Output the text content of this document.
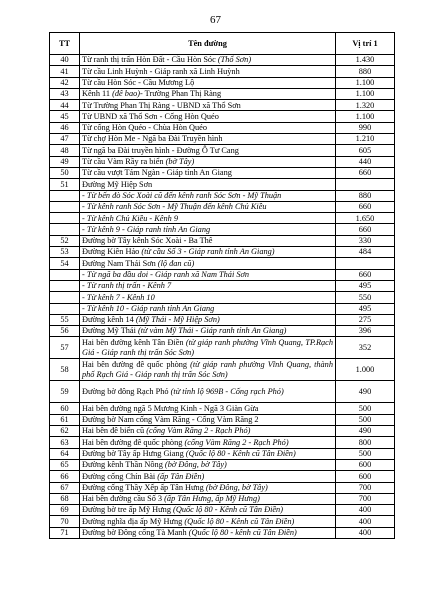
67
TT	Tên đường	Vị trí 1
40	Từ ranh thị trấn Hòn Đất - Cầu Hòn Sóc (Thổ Sơn)	1.430
41	Từ cầu Linh Huỳnh - Giáp ranh xã Linh Huỳnh	880
42	Từ cầu Hòn Sóc - Cầu Mương Lộ	1.100
43	Kênh 11 (đê bao)- Trường Phan Thị Ràng	1.100
44	Từ Trường Phan Thị Ràng - UBND xã Thổ Sơn	1.320
45	Từ UBND xã Thổ Sơn - Cống Hòn Quéo	1.100
46	Từ cống Hòn Quéo - Chùa Hòn Quéo	990
47	Từ chợ Hòn Me - Ngã ba Đài Truyền hình	1.210
48	Từ ngã ba Đài truyền hình - Đường Ô Tư Cang	605
49	Từ cầu Vàm Rầy ra biển (bờ Tây)	440
50	Từ cầu vượt Tám Ngàn - Giáp tỉnh An Giang	660
51	Đường Mỹ Hiệp Sơn	
	- Từ bến đò Sóc Xoài cũ đến kênh ranh Sóc Sơn - Mỹ Thuận	880
	- Từ kênh ranh Sóc Sơn - Mỹ Thuận đến kênh Chủ Kiều	660
	- Từ kênh Chủ Kiều - Kênh 9	1.650
	- Từ kênh 9 - Giáp ranh tỉnh An Giang	660
52	Đường bờ Tây kênh Sóc Xoài - Ba Thê	330
53	Đường Kiên Hảo (từ cầu Số 3 - Giáp ranh tỉnh An Giang)	484
54	Đường Nam Thái Sơn (lộ đan cũ)	
	- Từ ngã ba đầu doi - Giáp ranh xã Nam Thái Sơn	660
	- Từ ranh thị trấn - Kênh 7	495
	- Từ kênh 7 - Kênh 10	550
	- Từ kênh 10 - Giáp ranh tỉnh An Giang	495
55	Đường kênh 14 (Mỹ Thái - Mỹ Hiệp Sơn)	275
56	Đường Mỹ Thái (từ vàm Mỹ Thái - Giáp ranh tỉnh An Giang)	396
57	Hai bên đường kênh Tân Điền (từ giáp ranh phường Vĩnh Quang, TP.Rạch Giá - Giáp ranh thị trấn Sóc Sơn)	352
58	Hai bên đường đê quốc phòng (từ giáp ranh phường Vĩnh Quang, thành phố Rạch Giá - Giáp ranh thị trấn Sóc Sơn)	1.000
59	Đường bờ đông Rạch Phó (từ tỉnh lộ 969B - Cống rạch Phó)	490
60	Hai bên đường ngã 5 Mương Kinh - Ngã 3 Giàn Gừa	500
61	Đường bờ Nam cống Vàm Răng - Cống Vàm Răng 2	500
62	Hai bên đê biển cũ (cống Vàm Răng 2 - Rạch Phó)	490
63	Hai bên đường đê quốc phòng (cống Vàm Răng 2 - Rạch Phó)	800
64	Đường bờ Tây ấp Hưng Giang (Quốc lộ 80 - Kênh cũ Tân Điền)	500
65	Đường kênh Thần Nông (bờ Đông, bờ Tây)	600
66	Đường cống Chín Bài (ấp Tân Điền)	600
67	Đường cống Thầy Xếp ấp Tân Hưng (bờ Đông, bờ Tây)	700
68	Hai bên đường cầu Số 3 (ấp Tân Hưng, ấp Mỹ Hưng)	700
69	Đường bờ tre ấp Mỹ Hưng (Quốc lộ 80 - Kênh cũ Tân Điền)	400
70	Đường nghĩa địa ấp Mỹ Hưng (Quốc lộ 80 - Kênh cũ Tân Điền)	400
71	Đường bờ Đông cống Tà Manh (Quốc lộ 80 - kênh cũ Tân Điền)	400
